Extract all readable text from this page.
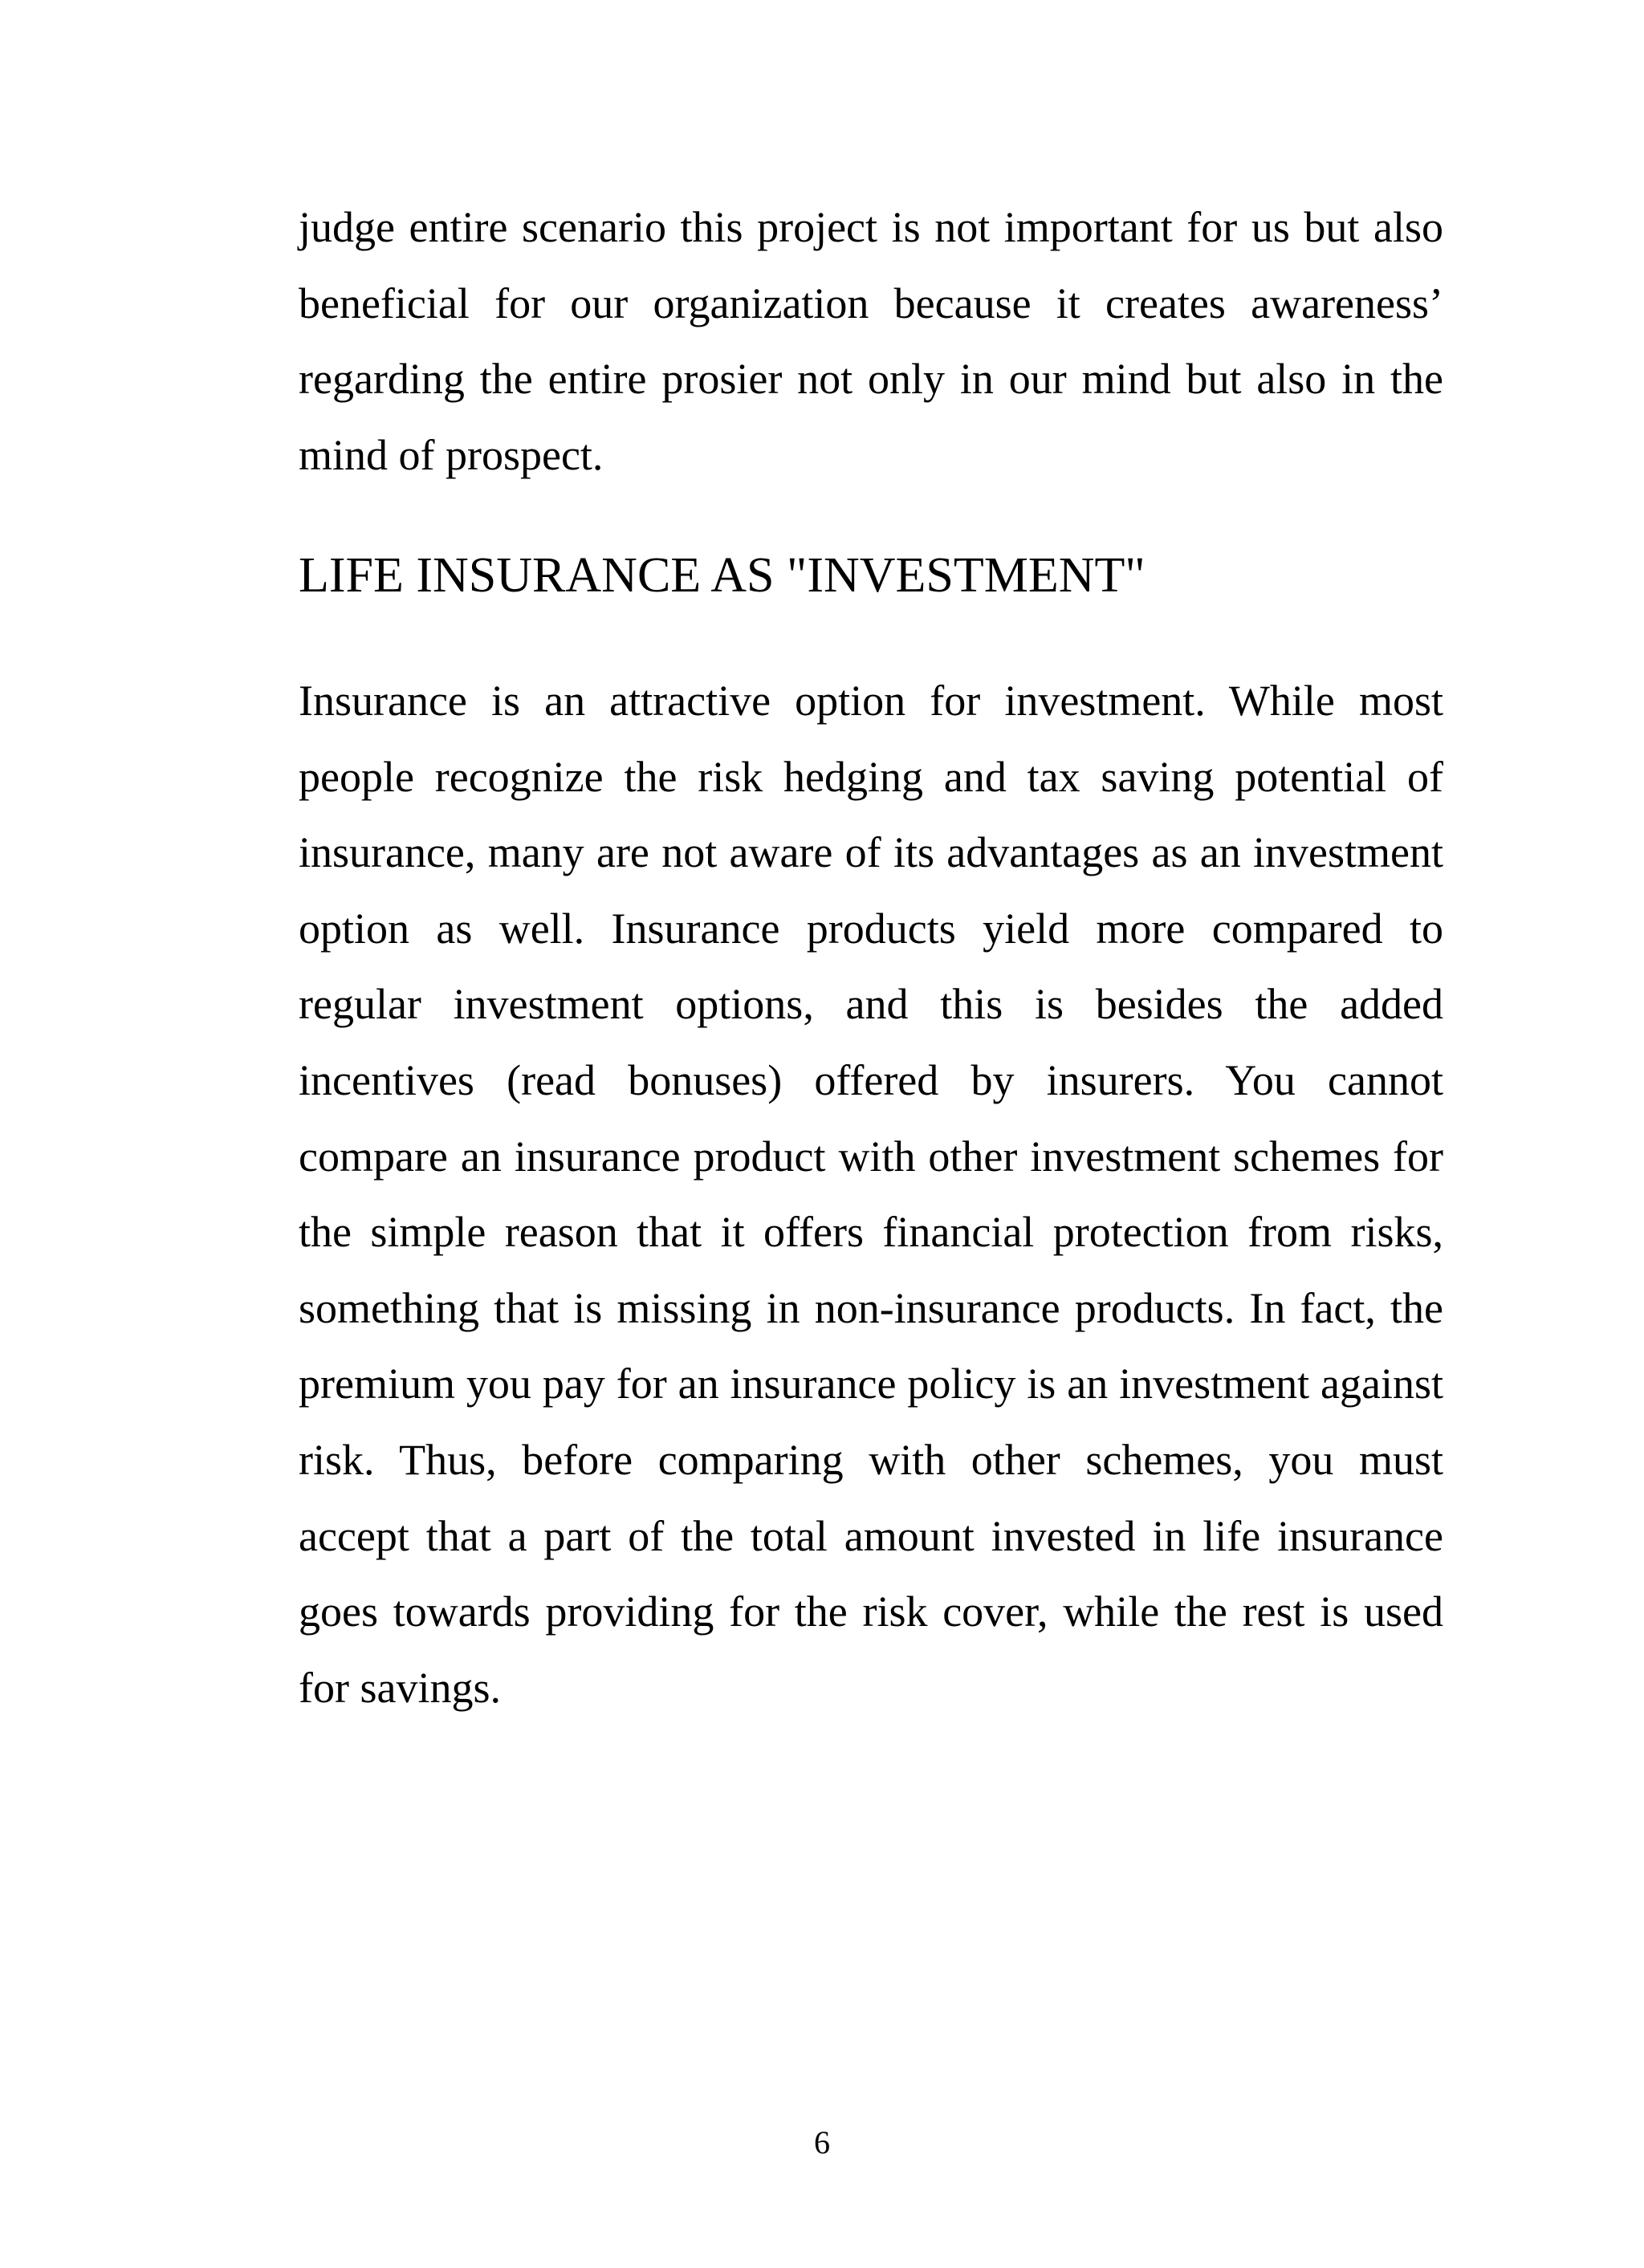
judge entire scenario this project is not important for us but also beneficial for our organization because it creates awareness’ regarding the entire prosier not only in our mind but also in the mind of prospect.

LIFE INSURANCE AS "INVESTMENT"

Insurance is an attractive option for investment. While most people recognize the risk hedging and tax saving potential of insurance, many are not aware of its advantages as an investment option as well. Insurance products yield more compared to regular investment options, and this is besides the added incentives (read bonuses) offered by insurers. You cannot compare an insurance product with other investment schemes for the simple reason that it offers financial protection from risks, something that is missing in non-insurance products. In fact, the premium you pay for an insurance policy is an investment against risk. Thus, before comparing with other schemes, you must accept that a part of the total amount invested in life insurance goes towards providing for the risk cover, while the rest is used for savings.

6
